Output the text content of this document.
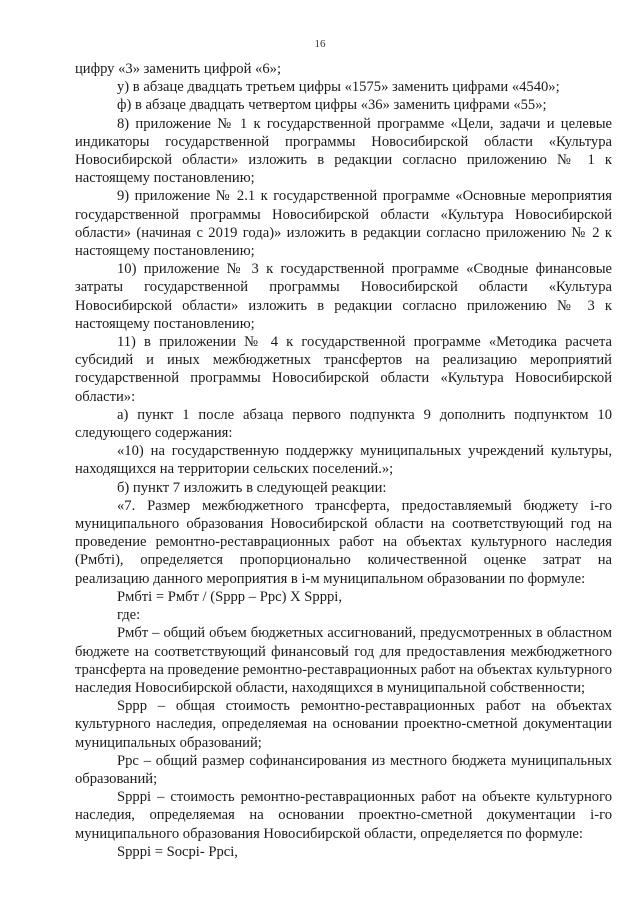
16

цифру «3» заменить цифрой «6»;

у) в абзаце двадцать третьем цифры «1575» заменить цифрами «4540»;

ф) в абзаце двадцать четвертом цифры «36» заменить цифрами «55»;

8) приложение № 1 к государственной программе «Цели, задачи и целевые индикаторы государственной программы Новосибирской области «Культура Новосибирской области» изложить в редакции согласно приложению № 1 к настоящему постановлению;

9) приложение № 2.1 к государственной программе «Основные мероприятия государственной программы Новосибирской области «Культура Новосибирской области» (начиная с 2019 года)» изложить в редакции согласно приложению № 2 к настоящему постановлению;

10) приложение № 3 к государственной программе «Сводные финансовые затраты государственной программы Новосибирской области «Культура Новосибирской области» изложить в редакции согласно приложению № 3 к настоящему постановлению;

11) в приложении № 4 к государственной программе «Методика расчета субсидий и иных межбюджетных трансфертов на реализацию мероприятий государственной программы Новосибирской области «Культура Новосибирской области»:

а) пункт 1 после абзаца первого подпункта 9 дополнить подпунктом 10 следующего содержания:

«10) на государственную поддержку муниципальных учреждений культуры, находящихся на территории сельских поселений.»;

б) пункт 7 изложить в следующей реакции:

«7. Размер межбюджетного трансферта, предоставляемый бюджету i-го муниципального образования Новосибирской области на соответствующий год на проведение ремонтно-реставрационных работ на объектах культурного наследия (Рмбтi), определяется пропорционально количественной оценке затрат на реализацию данного мероприятия в i-м муниципальном образовании по формуле:

Рмбтi = Рмбт / (Sppp – Ppc) X Spppi,

где:

Рмбт – общий объем бюджетных ассигнований, предусмотренных в областном бюджете на соответствующий финансовый год для предоставления межбюджетного трансферта на проведение ремонтно-реставрационных работ на объектах культурного наследия Новосибирской области, находящихся в муниципальной собственности;

Sppp – общая стоимость ремонтно-реставрационных работ на объектах культурного наследия, определяемая на основании проектно-сметной документации муниципальных образований;

Ррс – общий размер софинансирования из местного бюджета муниципальных образований;

Spppi – стоимость ремонтно-реставрационных работ на объекте культурного наследия, определяемая на основании проектно-сметной документации i-го муниципального образования Новосибирской области, определяется по формуле:

Spppi = Socpi- Ppci,
